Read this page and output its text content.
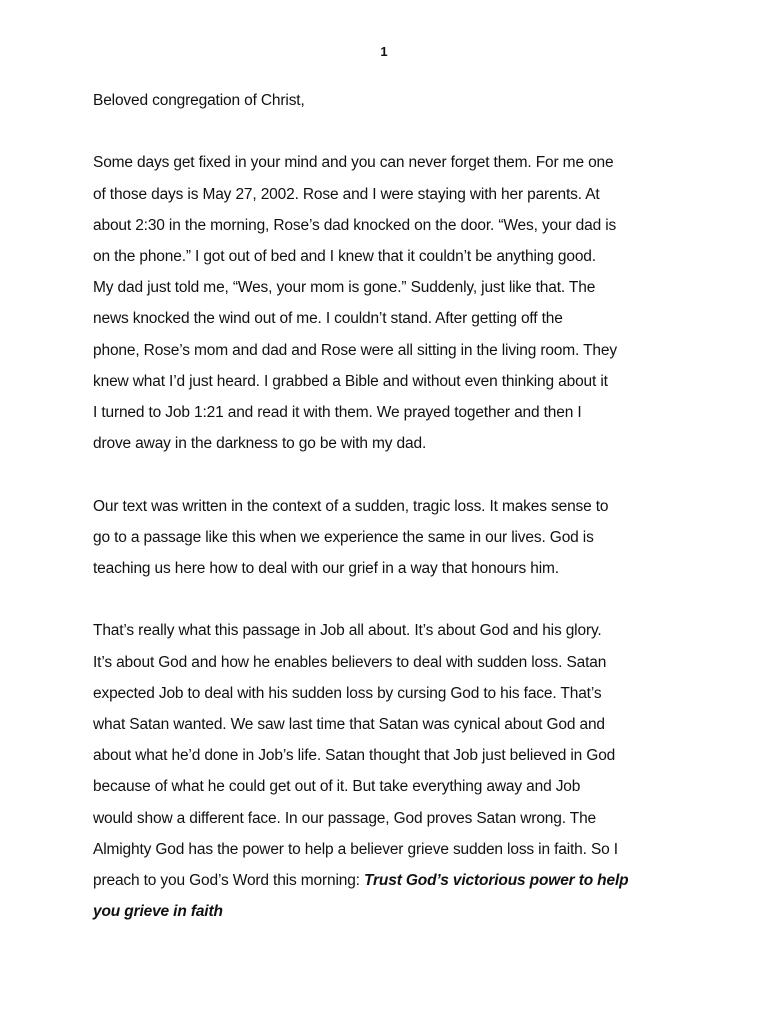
1

Beloved congregation of Christ,

Some days get fixed in your mind and you can never forget them. For me one
of those days is May 27, 2002. Rose and I were staying with her parents. At
about 2:30 in the morning, Rose’s dad knocked on the door. “Wes, your dad is
on the phone.” I got out of bed and I knew that it couldn’t be anything good.
My dad just told me, “Wes, your mom is gone.” Suddenly, just like that. The
news knocked the wind out of me. I couldn’t stand. After getting off the
phone, Rose’s mom and dad and Rose were all sitting in the living room. They
knew what I’d just heard. I grabbed a Bible and without even thinking about it
I turned to Job 1:21 and read it with them. We prayed together and then I
drove away in the darkness to go be with my dad.

Our text was written in the context of a sudden, tragic loss. It makes sense to
go to a passage like this when we experience the same in our lives. God is
teaching us here how to deal with our grief in a way that honours him.

That’s really what this passage in Job all about. It’s about God and his glory.
It’s about God and how he enables believers to deal with sudden loss. Satan
expected Job to deal with his sudden loss by cursing God to his face. That’s
what Satan wanted. We saw last time that Satan was cynical about God and
about what he’d done in Job’s life. Satan thought that Job just believed in God
because of what he could get out of it. But take everything away and Job
would show a different face. In our passage, God proves Satan wrong. The
Almighty God has the power to help a believer grieve sudden loss in faith. So I
preach to you God’s Word this morning: Trust God’s victorious power to help
you grieve in faith
